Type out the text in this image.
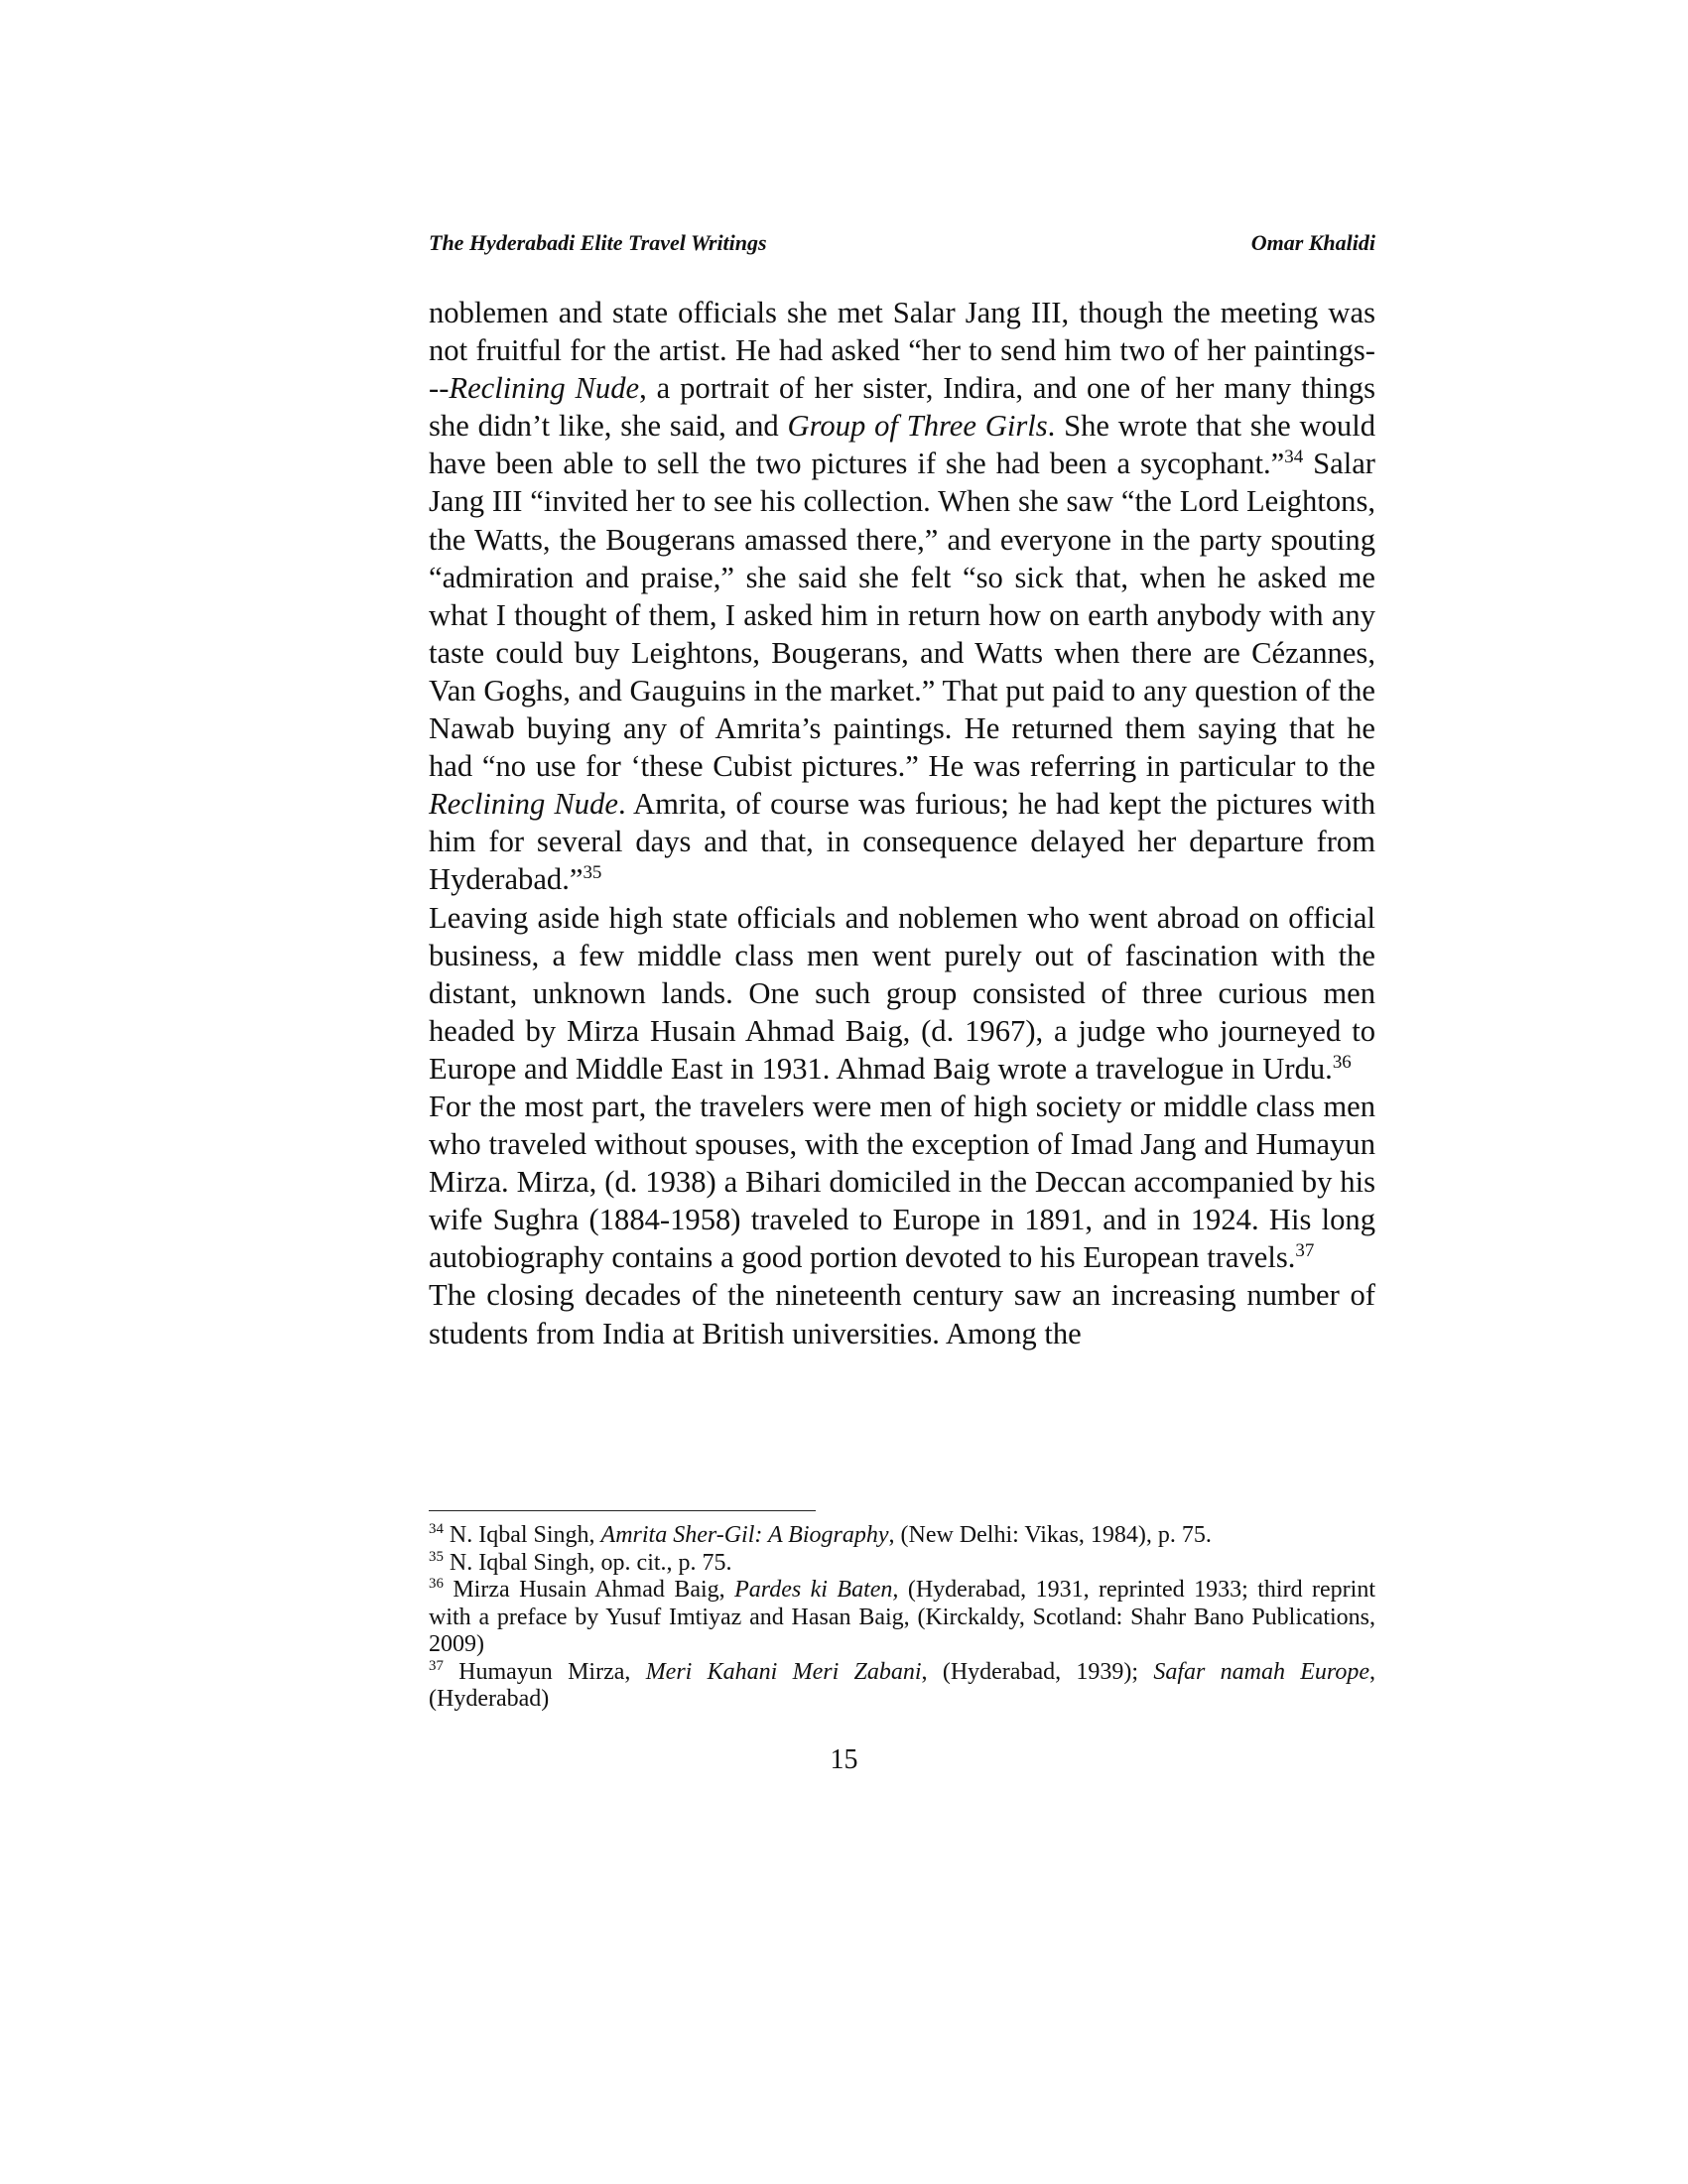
The Hyderabadi Elite Travel Writings	Omar Khalidi

noblemen and state officials she met Salar Jang III, though the meeting was not fruitful for the artist. He had asked “her to send him two of her paintings---Reclining Nude, a portrait of her sister, Indira, and one of her many things she didn’t like, she said, and Group of Three Girls. She wrote that she would have been able to sell the two pictures if she had been a sycophant.”$^{34}$ Salar Jang III “invited her to see his collection. When she saw “the Lord Leightons, the Watts, the Bougerans amassed there,” and everyone in the party spouting “admiration and praise,” she said she felt “so sick that, when he asked me what I thought of them, I asked him in return how on earth anybody with any taste could buy Leightons, Bougerans, and Watts when there are Cézannes, Van Goghs, and Gauguins in the market.” That put paid to any question of the Nawab buying any of Amrita’s paintings. He returned them saying that he had “no use for ‘these Cubist pictures.” He was referring in particular to the Reclining Nude. Amrita, of course was furious; he had kept the pictures with him for several days and that, in consequence delayed her departure from Hyderabad.”$^{35}$

Leaving aside high state officials and noblemen who went abroad on official business, a few middle class men went purely out of fascination with the distant, unknown lands. One such group consisted of three curious men headed by Mirza Husain Ahmad Baig, (d. 1967), a judge who journeyed to Europe and Middle East in 1931. Ahmad Baig wrote a travelogue in Urdu.$^{36}$

For the most part, the travelers were men of high society or middle class men who traveled without spouses, with the exception of Imad Jang and Humayun Mirza. Mirza, (d. 1938) a Bihari domiciled in the Deccan accompanied by his wife Sughra (1884-1958) traveled to Europe in 1891, and in 1924. His long autobiography contains a good portion devoted to his European travels.$^{37}$

The closing decades of the nineteenth century saw an increasing number of students from India at British universities. Among the

$^{34}$ N. Iqbal Singh, Amrita Sher-Gil: A Biography, (New Delhi: Vikas, 1984), p. 75.

$^{35}$ N. Iqbal Singh, op. cit., p. 75.

$^{36}$ Mirza Husain Ahmad Baig, Pardes ki Baten, (Hyderabad, 1931, reprinted 1933; third reprint with a preface by Yusuf Imtiyaz and Hasan Baig, (Kirckaldy, Scotland: Shahr Bano Publications, 2009)

$^{37}$ Humayun Mirza, Meri Kahani Meri Zabani, (Hyderabad, 1939); Safar namah Europe, (Hyderabad)

15
